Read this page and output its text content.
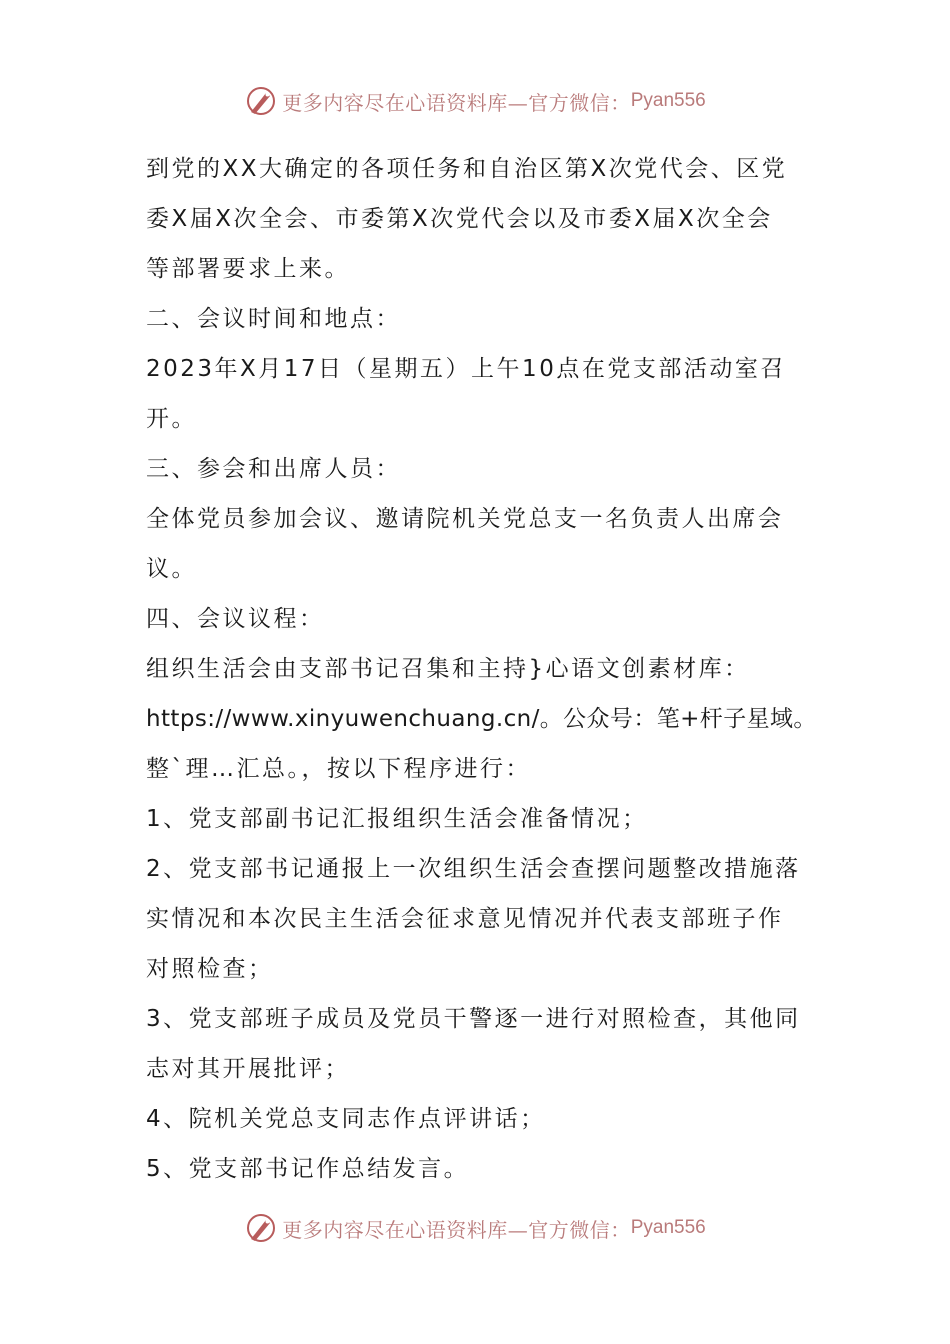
更多内容尽在心语资料库—官方微信： Pyan556
到党的XX大确定的各项任务和自治区第X次党代会、区党
委X届X次全会、市委第X次党代会以及市委X届X次全会
等部署要求上来。
二、会议时间和地点：
2023年X月17日（星期五）上午10点在党支部活动室召
开。
三、参会和出席人员：
全体党员参加会议、邀请院机关党总支一名负责人出席会
议。
四、会议议程：
组织生活会由支部书记召集和主持}心语文创素材库：
https://www.xinyuwenchuang.cn/。公众号：笔+杆子星域。
整`理…汇总。，按以下程序进行：
1、党支部副书记汇报组织生活会准备情况；
2、党支部书记通报上一次组织生活会查摆问题整改措施落
实情况和本次民主生活会征求意见情况并代表支部班子作
对照检查；
3、党支部班子成员及党员干警逐一进行对照检查，其他同
志对其开展批评；
4、院机关党总支同志作点评讲话；
5、党支部书记作总结发言。
更多内容尽在心语资料库—官方微信： Pyan556
